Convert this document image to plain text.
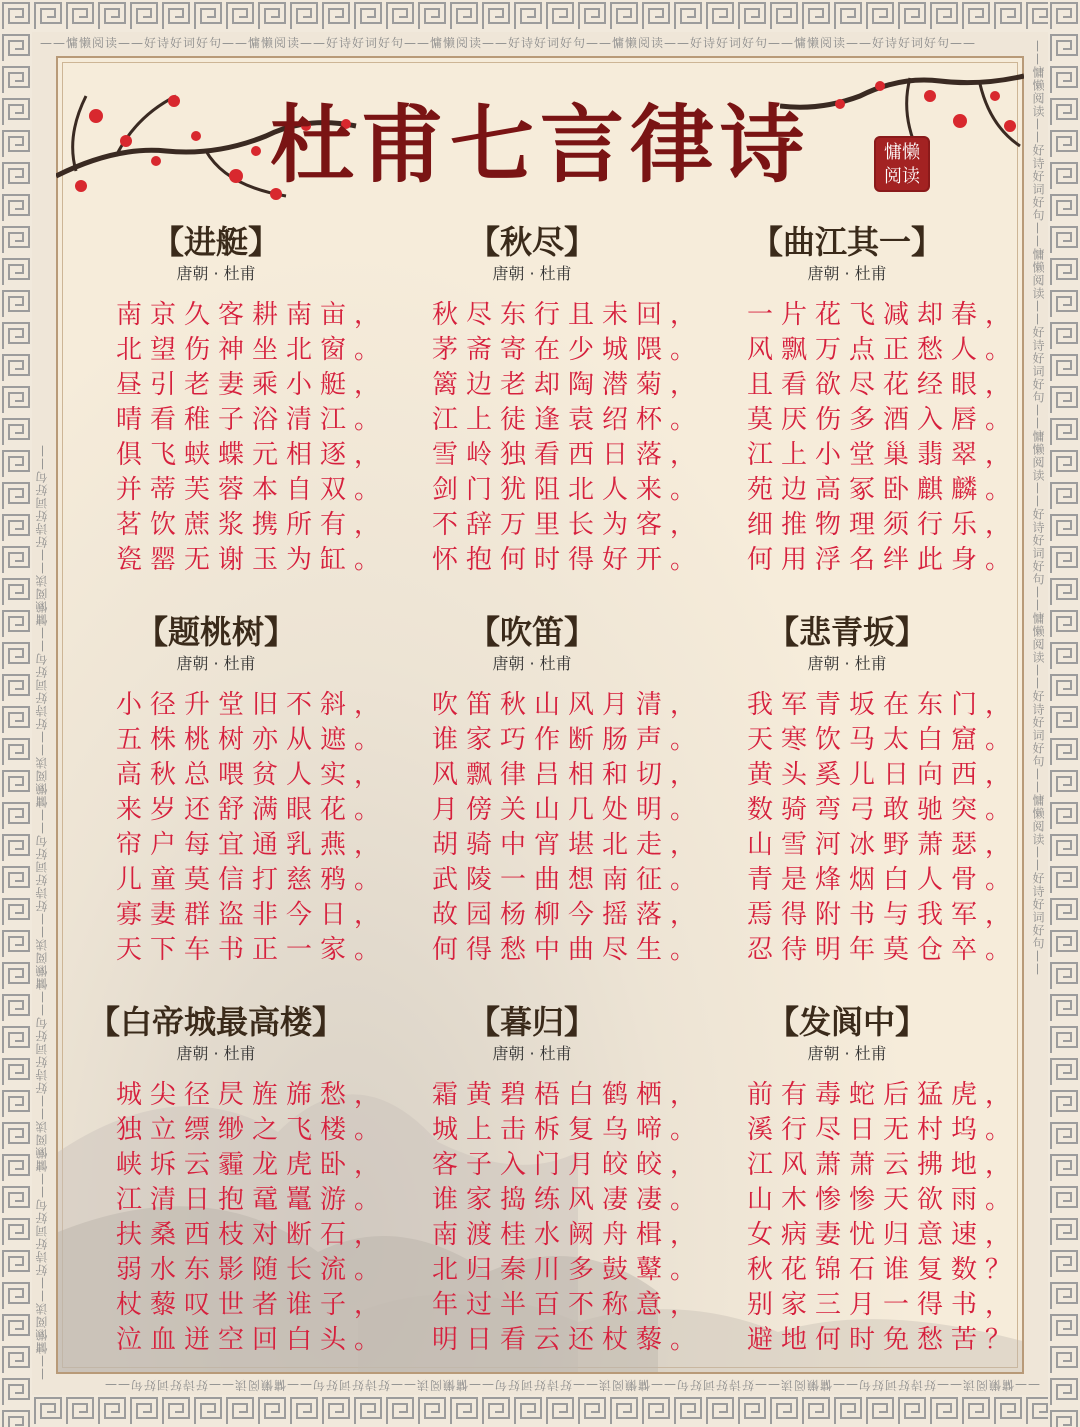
——慵懒阅读——好诗好词好句——慵懒阅读——好诗好词好句——慵懒阅读——好诗好词好句——慵懒阅读——好诗好词好句——慵懒阅读——好诗好词好句——
——慵懒阅读——好诗好词好句——慵懒阅读——好诗好词好句——慵懒阅读——好诗好词好句——慵懒阅读——好诗好词好句——慵懒阅读——好诗好词好句——
——慵懒阅读——好诗好词好句——慵懒阅读——好诗好词好句——慵懒阅读——好诗好词好句——慵懒阅读——好诗好词好句——慵懒阅读——好诗好词好句——	——慵懒阅读——好诗好词好句——慵懒阅读——好诗好词好句——慵懒阅读——好诗好词好句——慵懒阅读——好诗好词好句——慵懒阅读——好诗好词好句——
杜甫七言律诗	慵懒
阅读
【进艇】
唐朝 · 杜甫
南京久客耕南亩，
北望伤神坐北窗。
昼引老妻乘小艇，
晴看稚子浴清江。
俱飞蛱蝶元相逐，
并蒂芙蓉本自双。
茗饮蔗浆携所有，
瓷罂无谢玉为缸。
【秋尽】
唐朝 · 杜甫
秋尽东行且未回，
茅斋寄在少城隈。
篱边老却陶潜菊，
江上徒逢袁绍杯。
雪岭独看西日落，
剑门犹阻北人来。
不辞万里长为客，
怀抱何时得好开。
【曲江其一】
唐朝 · 杜甫
一片花飞减却春，
风飘万点正愁人。
且看欲尽花经眼，
莫厌伤多酒入唇。
江上小堂巢翡翠，
苑边高冢卧麒麟。
细推物理须行乐，
何用浮名绊此身。
【题桃树】
唐朝 · 杜甫
小径升堂旧不斜，
五株桃树亦从遮。
高秋总喂贫人实，
来岁还舒满眼花。
帘户每宜通乳燕，
儿童莫信打慈鸦。
寡妻群盗非今日，
天下车书正一家。
【吹笛】
唐朝 · 杜甫
吹笛秋山风月清，
谁家巧作断肠声。
风飘律吕相和切，
月傍关山几处明。
胡骑中宵堪北走，
武陵一曲想南征。
故园杨柳今摇落，
何得愁中曲尽生。
【悲青坂】
唐朝 · 杜甫
我军青坂在东门，
天寒饮马太白窟。
黄头奚儿日向西，
数骑弯弓敢驰突。
山雪河冰野萧瑟，
青是烽烟白人骨。
焉得附书与我军，
忍待明年莫仓卒。
【白帝城最高楼】
唐朝 · 杜甫
城尖径昃旌旆愁，
独立缥缈之飞楼。
峡坼云霾龙虎卧，
江清日抱鼋鼍游。
扶桑西枝对断石，
弱水东影随长流。
杖藜叹世者谁子，
泣血迸空回白头。
【暮归】
唐朝 · 杜甫
霜黄碧梧白鹤栖，
城上击柝复乌啼。
客子入门月皎皎，
谁家捣练风凄凄。
南渡桂水阙舟楫，
北归秦川多鼓鼙。
年过半百不称意，
明日看云还杖藜。
【发阆中】
唐朝 · 杜甫
前有毒蛇后猛虎，
溪行尽日无村坞。
江风萧萧云拂地，
山木惨惨天欲雨。
女病妻忧归意速，
秋花锦石谁复数？
别家三月一得书，
避地何时免愁苦？
